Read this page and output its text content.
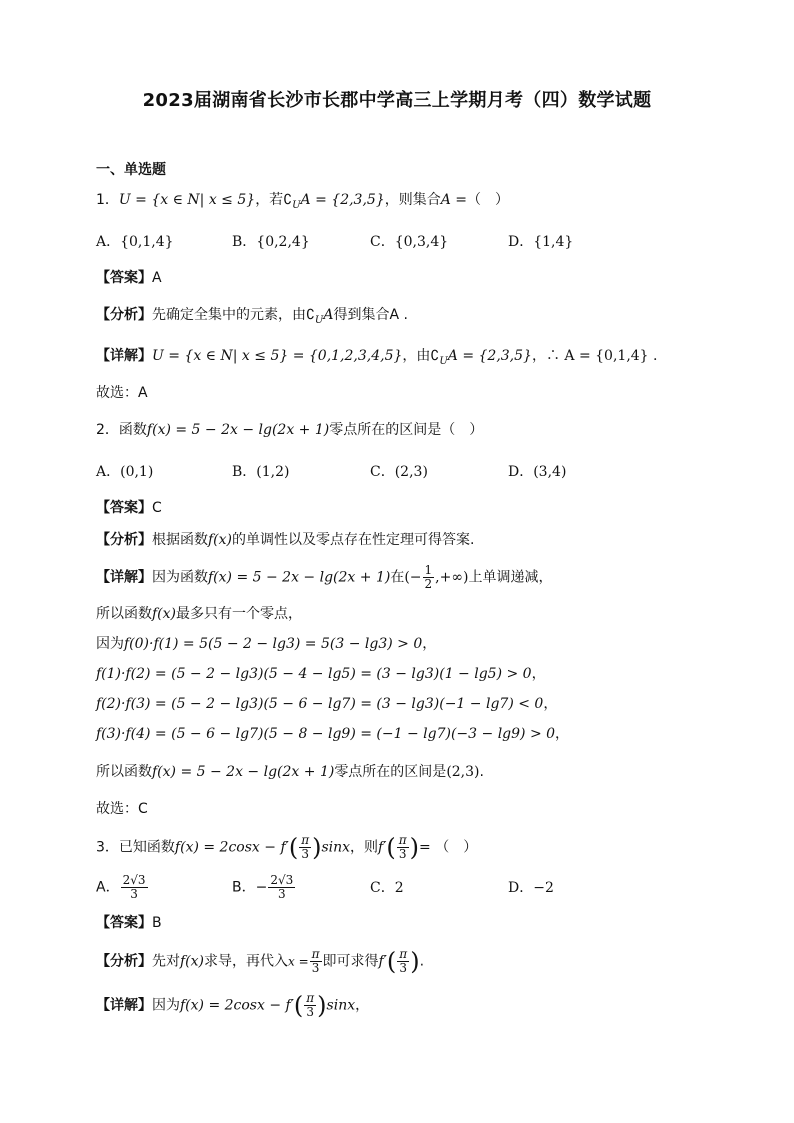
2023届湖南省长沙市长郡中学高三上学期月考（四）数学试题
一、单选题
1．U = {x ∈ N| x ≤ 5}，若$∁_UA = \{2,3,5\}$，则集合A =（　）
A．{0,1,4}	B．{0,2,4}	C．{0,3,4}	D．{1,4}
【答案】A
【分析】先确定全集中的元素，由$∁_UA$得到集合A .
【详解】U = {x ∈ N| x ≤ 5} = {0,1,2,3,4,5}，由$∁_UA = \{2,3,5\}$，∴ A = {0,1,4} .
故选：A
2．函数f(x) = 5 − 2x − lg(2x + 1)零点所在的区间是（　）
A．(0,1)	B．(1,2)	C．(2,3)	D．(3,4)
【答案】C
【分析】根据函数f(x)的单调性以及零点存在性定理可得答案.
【详解】因为函数f(x) = 5 − 2x − lg(2x + 1)在(− $\frac{1}{2}$ ,+∞)上单调递减，
所以函数f(x)最多只有一个零点，
因为f(0)·f(1) = 5(5 − 2 − lg3) = 5(3 − lg3) > 0，
f(1)·f(2) = (5 − 2 − lg3)(5 − 4 − lg5) = (3 − lg3)(1 − lg5) > 0，
f(2)·f(3) = (5 − 2 − lg3)(5 − 6 − lg7) = (3 − lg3)(−1 − lg7) < 0，
f(3)·f(4) = (5 − 6 − lg7)(5 − 8 − lg9) = (−1 − lg7)(−3 − lg9) > 0，
所以函数f(x) = 5 − 2x − lg(2x + 1)零点所在的区间是(2,3).
故选：C
3．已知函数$f(x) = 2\cos x - f'( \frac{\pi}{3} )\sin x$，则$f'( \frac{\pi}{3}$ )= （　）
A． $\frac{2√3}{3}$	B．− $\frac{2√3}{3}$	C．2	D．−2
【答案】B
【分析】先对f(x)求导，再代入$x = \frac{\pi}{3}$ 即可求得$f'( \frac{\pi}{3}$ ).
【详解】因为$f(x) = 2\cos x - f'( \frac{\pi}{3} )\sin x$，
